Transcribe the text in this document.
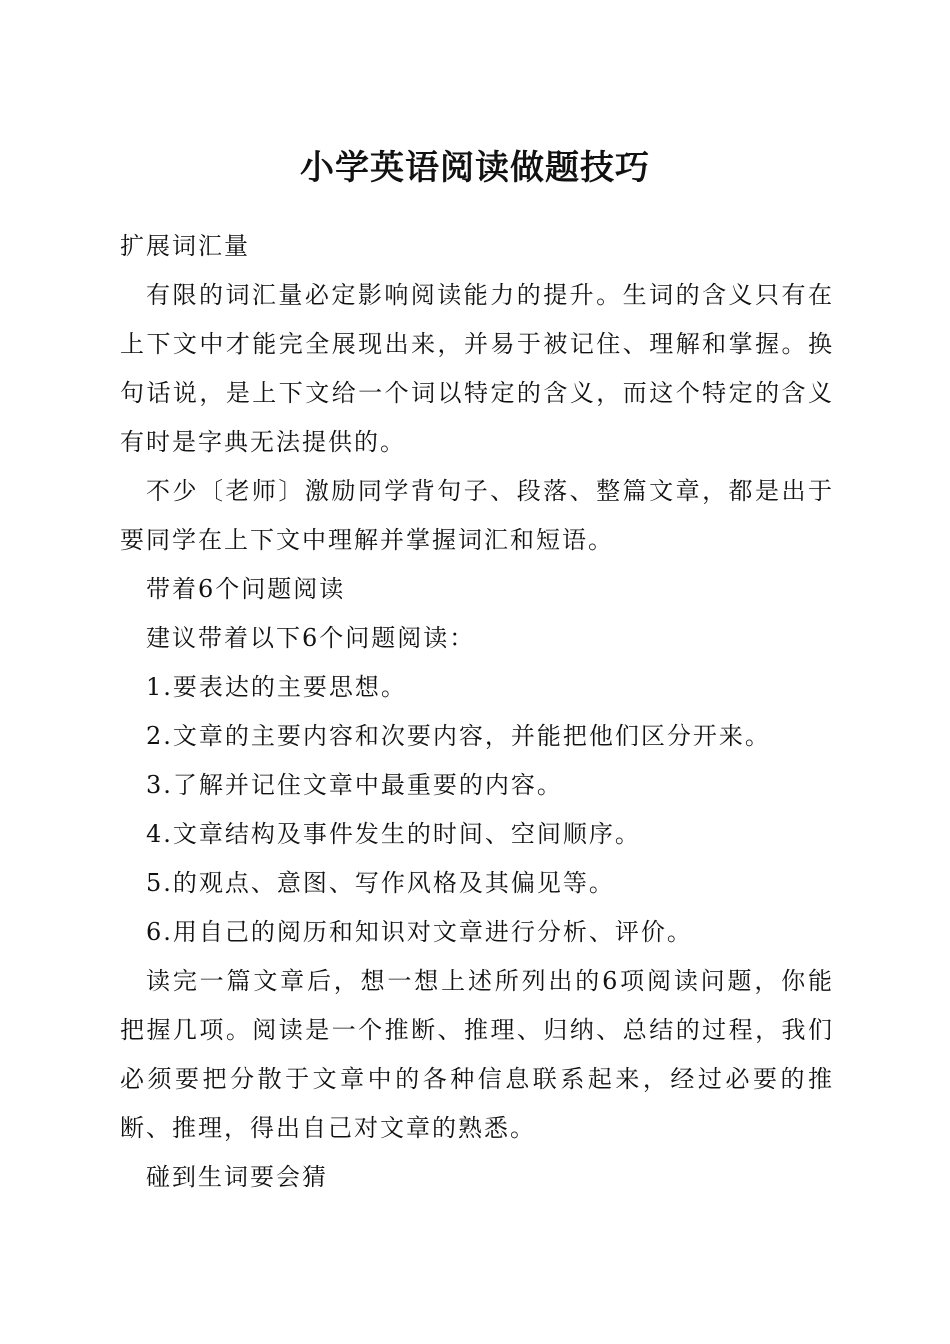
小学英语阅读做题技巧

扩展词汇量

有限的词汇量必定影响阅读能力的提升。生词的含义只有在上下文中才能完全展现出来，并易于被记住、理解和掌握。换句话说，是上下文给一个词以特定的含义，而这个特定的含义有时是字典无法提供的。

不少〔老师〕激励同学背句子、段落、整篇文章，都是出于要同学在上下文中理解并掌握词汇和短语。

带着6个问题阅读

建议带着以下6个问题阅读：

1.要表达的主要思想。

2.文章的主要内容和次要内容，并能把他们区分开来。

3.了解并记住文章中最重要的内容。

4.文章结构及事件发生的时间、空间顺序。

5.的观点、意图、写作风格及其偏见等。

6.用自己的阅历和知识对文章进行分析、评价。

读完一篇文章后，想一想上述所列出的6项阅读问题，你能把握几项。阅读是一个推断、推理、归纳、总结的过程，我们必须要把分散于文章中的各种信息联系起来，经过必要的推断、推理，得出自己对文章的熟悉。

碰到生词要会猜
